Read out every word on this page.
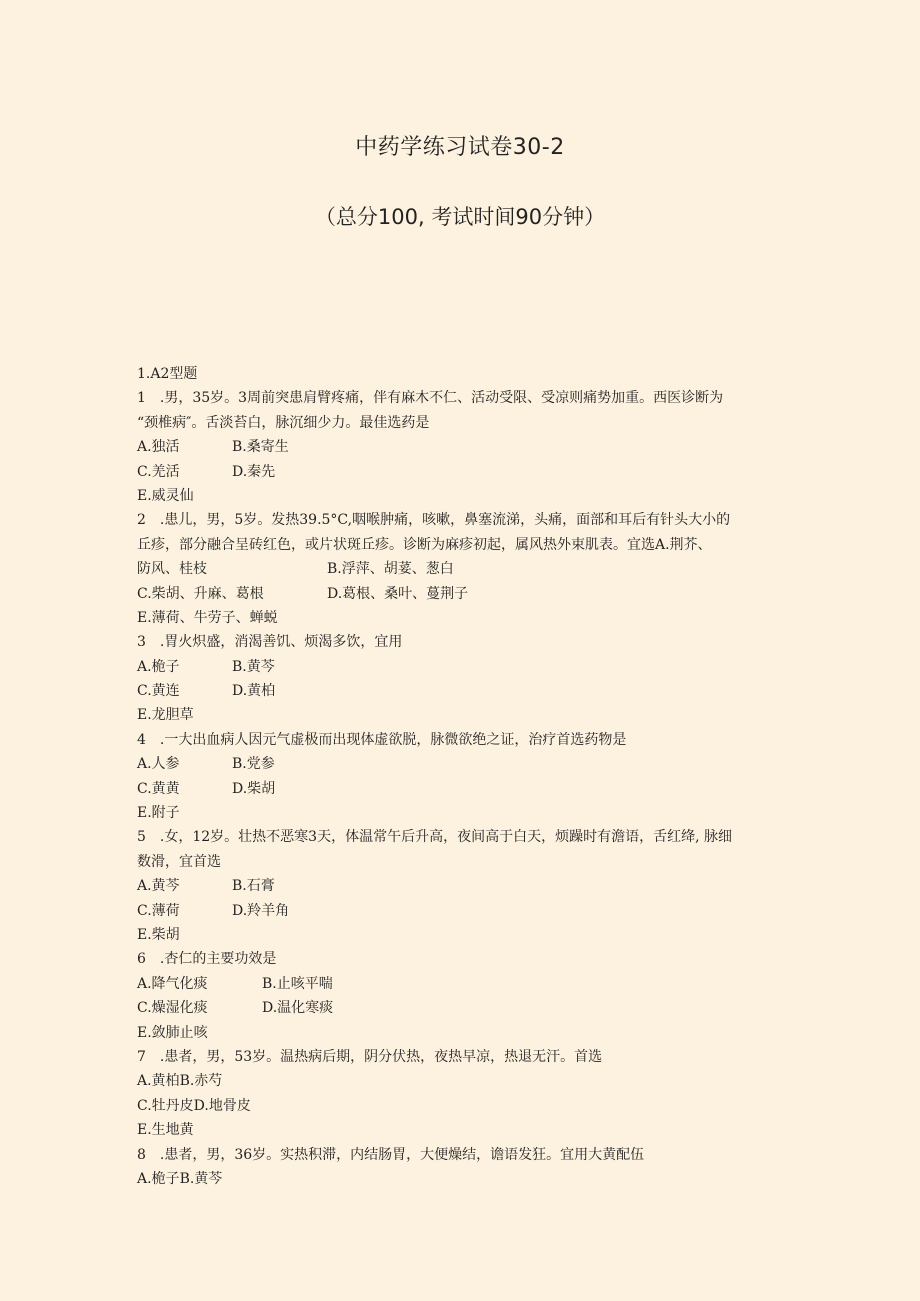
中药学练习试卷30-2
（总分100, 考试时间90分钟）
1.A2型题
1　.男，35岁。3周前突患肩臂疼痛，伴有麻木不仁、活动受限、受凉则痛势加重。西医诊断为
“颈椎病″。舌淡苔白，脉沉细少力。最佳选药是
A.独活	B.桑寄生
C.羌活	D.秦先
E.威灵仙
2　.患儿，男，5岁。发热39.5°C,咽喉肿痛，咳嗽，鼻塞流涕，头痛，面部和耳后有针头大小的
丘疹，部分融合呈砖红色，或片状斑丘疹。诊断为麻疹初起，属风热外束肌表。宜选A.荆芥、
防风、桂枝	B.浮萍、胡荽、葱白
C.柴胡、升麻、葛根	D.葛根、桑叶、蔓荆子
E.薄荷、牛劳子、蝉蜕
3　.胃火炽盛，消渴善饥、烦渴多饮，宜用
A.桅子	B.黄芩
C.黄连	D.黄柏
E.龙胆草
4　.一大出血病人因元气虚极而出现体虚欲脱，脉微欲绝之证，治疗首选药物是
A.人参	B.党参
C.黄黄	D.柴胡
E.附子
5　.女，12岁。壮热不恶寒3天，体温常午后升高，夜间高于白天，烦躁时有澹语，舌红绛, 脉细
数滑，宜首选
A.黄芩	B.石膏
C.薄荷	D.羚羊角
E.柴胡
6　.杏仁的主要功效是
A.降气化痰	B.止咳平喘
C.燥湿化痰	D.温化寒痰
E.敛肺止咳
7　.患者，男，53岁。温热病后期，阴分伏热，夜热早凉，热退无汗。首选
A.黄柏B.赤芍
C.牡丹皮D.地骨皮
E.生地黄
8　.患者，男，36岁。实热积滞，内结肠胃，大便燥结，谵语发狂。宜用大黄配伍
A.桅子B.黄芩
